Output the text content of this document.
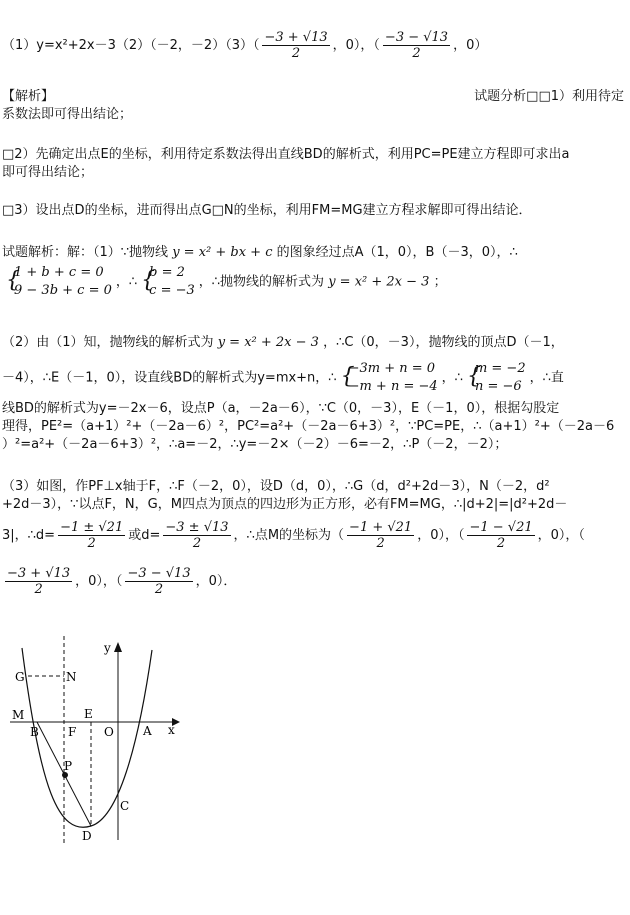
（1）y=x²+2x－3（2）（－2，$-2)(3)( \frac{-3 + √13}{2}$ ，0），（ $\frac{-3 - √13}{2}$ ，0）
【解析】	试题分析□□1）利用待定
系数法即可得出结论；
□2）先确定出点E的坐标，利用待定系数法得出直线BD的解析式，利用PC=PE建立方程即可求出a
即可得出结论；
□3）设出点D的坐标，进而得出点G□N的坐标，利用FM=MG建立方程求解即可得出结论．
试题解析：解：（1）∵抛物线 y = x² + bx + c 的图象经过点A（1，0），B（－3，0），∴
{
1 + b + c = 0
9 − 3b + c = 0
，∴ {
b = 2
c = −3
，∴抛物线的解析式为 y = x² + 2x − 3 ；
（2）由（1）知，抛物线的解析式为 y = x² + 2x − 3 ，∴C（0，－3），抛物线的顶点D（－1，
－4），∴E（－1，0），设直线BD的解析式为y=mx+n，∴ {
−3m + n = 0
−m + n = −4
，∴ {
m = −2
n = −6
，∴直
线BD的解析式为y=－2x－6，设点P（a，－2a－6），∵C（0，－3），E（－1，0），根据勾股定
理得，PE²=（a+1）²+（－2a－6）²，PC²=a²+（－2a－6+3）²，∵PC=PE，∴（a+1）²+（－2a－6
）²=a²+（－2a－6+3）²，∴a=－2，∴y=－2×（－2）－6=－2，∴P（－2，－2）；
（3）如图，作PF⊥x轴于F，∴F（－2，0），设D（d，0），∴G（d，d²+2d－3），N（－2，d²
+2d－3），∵以点F，N，G，M四点为顶点的四边形为正方形，必有FM=MG，∴|d+2|=|d²+2d－
3|，∴d= $\frac{-1 \pm √21}{2}$ 或$d= \frac{-3 \pm √13}{2}$ ，∴点M的坐标为（ $\frac{-1 + √21}{2}$ ，0），（ $\frac{-1 - √21}{2}$ ，0），（
$\frac{-3 + √13}{2}$ ，0），（ $\frac{-3 - √13}{2}$ ，0）．
y
x
G	N
M	E
B F O A
P
C
D
